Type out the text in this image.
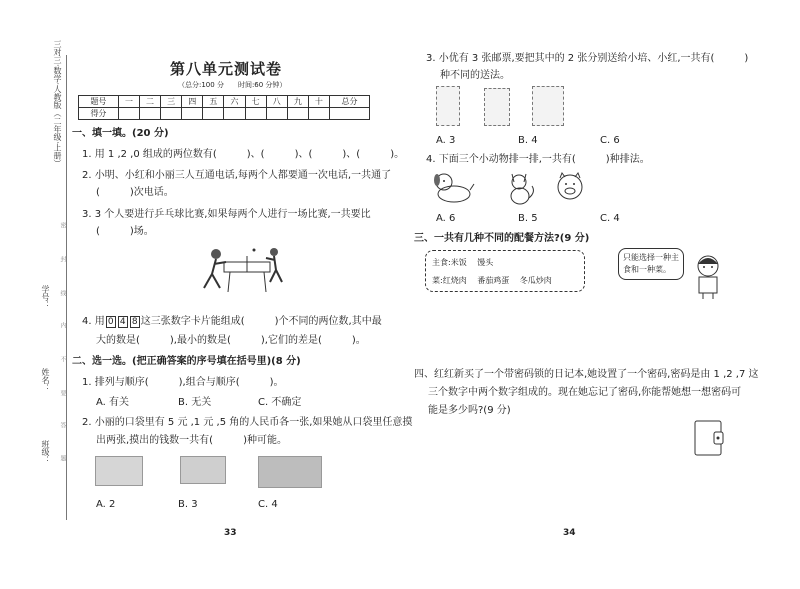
三对三·数学·人教版（二年级·上册）
班级：
姓名：
学号：
密
封
线
内
不
要
答
题
第八单元测试卷
（总分:100 分　　时间:60 分钟）
题号	一	二	三	四	五	六	七	八	九	十	总分
得分											
一、填一填。(20 分)
1. 用 1 ,2 ,0 组成的两位数有(　　　)、(　　　)、(　　　)、(　　　)。
2. 小明、小红和小丽三人互通电话,每两个人都要通一次电话,一共通了
(　　　)次电话。
3. 3 个人要进行乒乓球比赛,如果每两个人进行一场比赛,一共要比
(　　　)场。
4. 用 0 4 8 这三张数字卡片能组成(　　　)个不同的两位数,其中最
大的数是(　　　),最小的数是(　　　),它们的差是(　　　)。
二、选一选。(把正确答案的序号填在括号里)(8 分)
1. 排列与顺序(　　　),组合与顺序(　　　)。
A. 有关	B. 无关	C. 不确定
2. 小丽的口袋里有 5 元 ,1 元 ,5 角的人民币各一张,如果她从口袋里任意摸
出两张,摸出的钱数一共有(　　　)种可能。
A. 2	B. 3	C. 4
33
3. 小优有 3 张邮票,要把其中的 2 张分别送给小培、小红,一共有(　　　)
种不同的送法。
A. 3	B. 4	C. 6
4. 下面三个小动物排一排,一共有(　　　)种排法。
A. 6	B. 5	C. 4
三、一共有几种不同的配餐方法?(9 分)
主食:米饭　 馒头
菜:红烧肉　 番茄鸡蛋　 冬瓜炒肉
只能选择一种主食和一种菜。
四、红红新买了一个带密码锁的日记本,她设置了一个密码,密码是由 1 ,2 ,7 这
三个数字中两个数字组成的。现在她忘记了密码,你能帮她想一想密码可
能是多少吗?(9 分)
34
